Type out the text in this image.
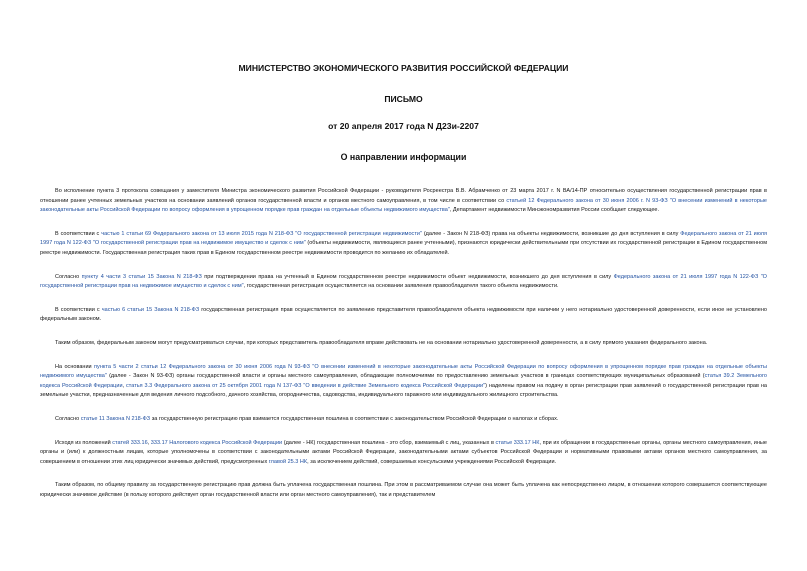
МИНИСТЕРСТВО ЭКОНОМИЧЕСКОГО РАЗВИТИЯ РОССИЙСКОЙ ФЕДЕРАЦИИ

ПИСЬМО

от 20 апреля 2017 года N Д23и-2207

О направлении информации

Во исполнение пункта 3 протокола совещания у заместителя Министра экономического развития Российской Федерации - руководителя Росреестра В.В. Абрамченко от 23 марта 2017 г. N ВА/14-ПР относительно осуществления государственной регистрации прав в отношении ранее учтенных земельных участков на основании заявлений органов государственной власти и органов местного самоуправления, в том числе в соответствии со статьей 12 Федерального закона от 30 июня 2006 г. N 93-ФЗ "О внесении изменений в некоторые законодательные акты Российской Федерации по вопросу оформления в упрощенном порядке прав граждан на отдельные объекты недвижимого имущества", Департамент недвижимости Минэкономразвития России сообщает следующее.

В соответствии с частью 1 статьи 69 Федерального закона от 13 июля 2015 года N 218-ФЗ "О государственной регистрации недвижимости" (далее - Закон N 218-ФЗ) права на объекты недвижимости, возникшие до дня вступления в силу Федерального закона от 21 июля 1997 года N 122-ФЗ "О государственной регистрации прав на недвижимое имущество и сделок с ним" (объекты недвижимости, являющиеся ранее учтенными), признаются юридически действительными при отсутствии их государственной регистрации в Едином государственном реестре недвижимости. Государственная регистрация таких прав в Едином государственном реестре недвижимости проводится по желанию их обладателей.

Согласно пункту 4 части 3 статьи 15 Закона N 218-ФЗ при подтверждении права на учтенный в Едином государственном реестре недвижимости объект недвижимости, возникшего до дня вступления в силу Федерального закона от 21 июля 1997 года N 122-ФЗ "О государственной регистрации прав на недвижимое имущество и сделок с ним", государственная регистрация осуществляется на основании заявления правообладателя такого объекта недвижимости.

В соответствии с частью 6 статьи 15 Закона N 218-ФЗ государственная регистрация прав осуществляется по заявлению представителя правообладателя объекта недвижимости при наличии у него нотариально удостоверенной доверенности, если иное не установлено федеральным законом.

Таким образом, федеральным законом могут предусматриваться случаи, при которых представитель правообладателя вправе действовать не на основании нотариально удостоверенной доверенности, а в силу прямого указания федерального закона.

На основании пункта 5 части 2 статьи 12 Федерального закона от 30 июня 2006 года N 93-ФЗ "О внесении изменений в некоторые законодательные акты Российской Федерации по вопросу оформления в упрощенном порядке прав граждан на отдельные объекты недвижимого имущества" (далее - Закон N 93-ФЗ) органы государственной власти и органы местного самоуправления, обладающие полномочиями по предоставлению земельных участков в границах соответствующих муниципальных образований (статья 39.2 Земельного кодекса Российской Федерации, статья 3.3 Федерального закона от 25 октября 2001 года N 137-ФЗ "О введении в действие Земельного кодекса Российской Федерации") наделены правом на подачу в орган регистрации прав заявлений о государственной регистрации прав на земельные участки, предназначенные для ведения личного подсобного, дачного хозяйства, огородничества, садоводства, индивидуального гаражного или индивидуального жилищного строительства.

Согласно статье 11 Закона N 218-ФЗ за государственную регистрацию прав взимается государственная пошлина в соответствии с законодательством Российской Федерации о налогах и сборах.

Исходя из положений статей 333.16, 333.17 Налогового кодекса Российской Федерации (далее - НК) государственная пошлина - это сбор, взимаемый с лиц, указанных в статье 333.17 НК, при их обращении в государственные органы, органы местного самоуправления, иные органы и (или) к должностным лицам, которые уполномочены в соответствии с законодательными актами Российской Федерации, законодательными актами субъектов Российской Федерации и нормативными правовыми актами органов местного самоуправления, за совершением в отношении этих лиц юридически значимых действий, предусмотренных главой 25.3 НК, за исключением действий, совершаемых консульскими учреждениями Российской Федерации.

Таким образом, по общему правилу за государственную регистрацию прав должна быть уплачена государственная пошлина. При этом в рассматриваемом случае она может быть уплачена как непосредственно лицом, в отношении которого совершается соответствующее юридически значимое действие (в пользу которого действует орган государственной власти или орган местного самоуправления), так и представителем
